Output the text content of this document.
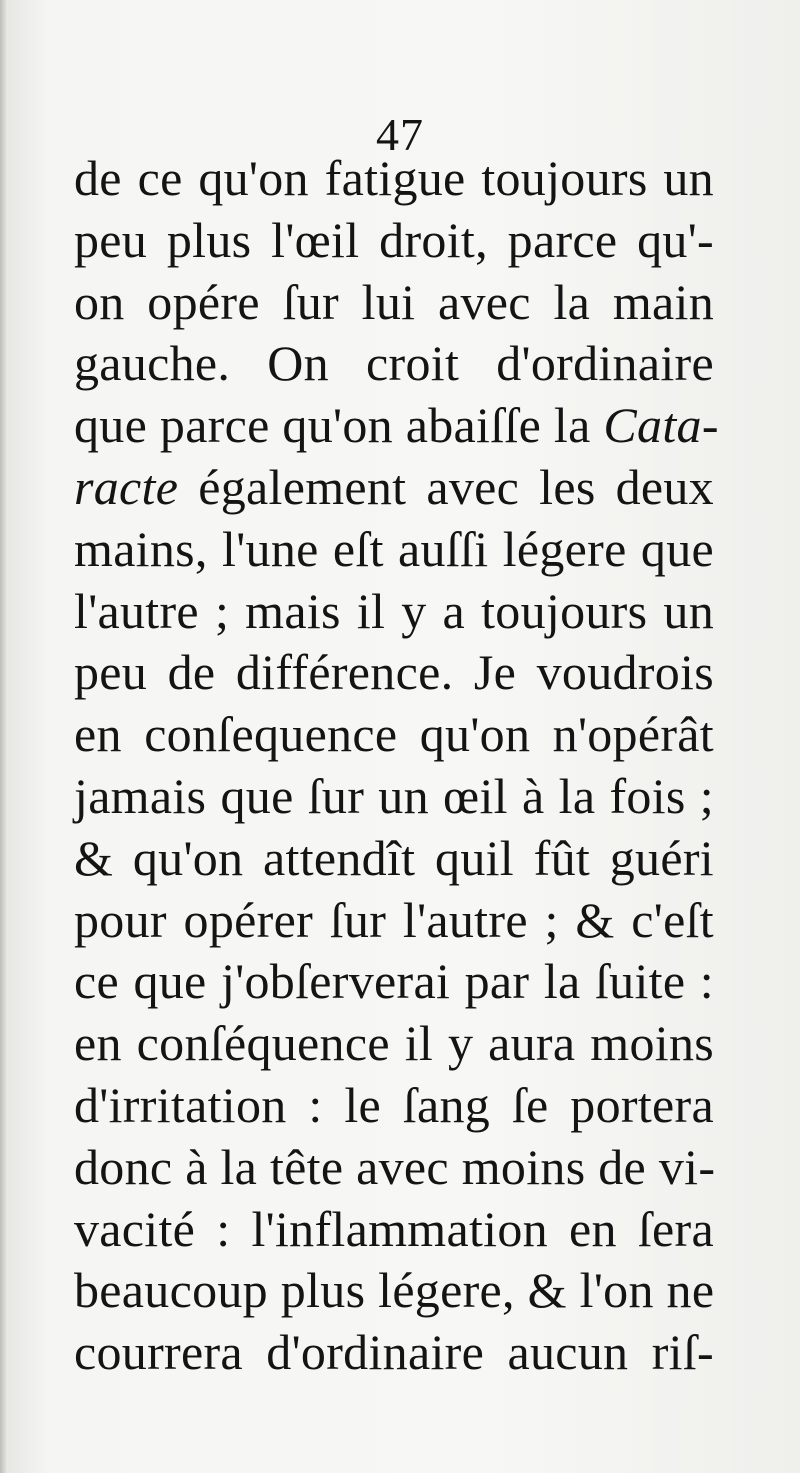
47
de ce qu'on fatigue toujours un
peu plus l'œil droit, parce qu'-
on opére ſur lui avec la main
gauche. On croit d'ordinaire
que parce qu'on abaiſſe la Cata-
racte également avec les deux
mains, l'une eſt auſſi légere que
l'autre ; mais il y a toujours un
peu de différence. Je voudrois
en conſequence qu'on n'opérât
jamais que ſur un œil à la fois ;
& qu'on attendît quil fût guéri
pour opérer ſur l'autre ; & c'eſt
ce que j'obſerverai par la ſuite :
en conſéquence il y aura moins
d'irritation : le ſang ſe portera
donc à la tête avec moins de vi-
vacité : l'inflammation en ſera
beaucoup plus légere, & l'on ne
courrera d'ordinaire aucun riſ-
